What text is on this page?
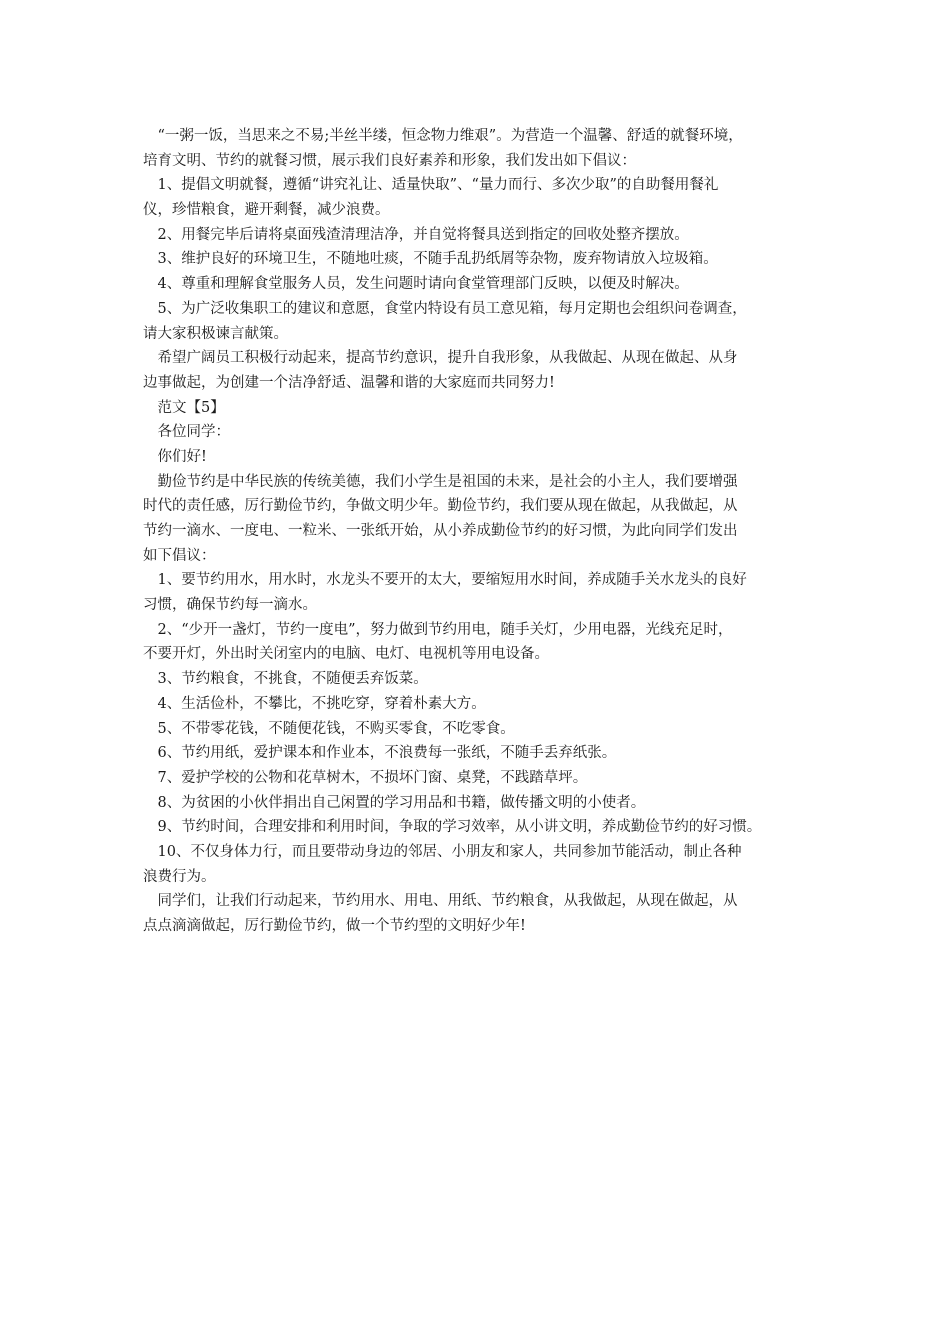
　“一粥一饭，当思来之不易;半丝半缕，恒念物力维艰”。为营造一个温馨、舒适的就餐环境，
培育文明、节约的就餐习惯，展示我们良好素养和形象，我们发出如下倡议：

　1、提倡文明就餐，遵循“讲究礼让、适量快取”、“量力而行、多次少取”的自助餐用餐礼
仪，珍惜粮食，避开剩餐，减少浪费。

　2、用餐完毕后请将桌面残渣清理洁净，并自觉将餐具送到指定的回收处整齐摆放。

　3、维护良好的环境卫生，不随地吐痰，不随手乱扔纸屑等杂物，废弃物请放入垃圾箱。

　4、尊重和理解食堂服务人员，发生问题时请向食堂管理部门反映，以便及时解决。

　5、为广泛收集职工的建议和意愿，食堂内特设有员工意见箱，每月定期也会组织问卷调查，
请大家积极谏言献策。

　希望广阔员工积极行动起来，提高节约意识，提升自我形象，从我做起、从现在做起、从身
边事做起，为创建一个洁净舒适、温馨和谐的大家庭而共同努力!

　范文【5】

　各位同学：

　你们好!

　勤俭节约是中华民族的传统美德，我们小学生是祖国的未来，是社会的小主人，我们要增强
时代的责任感，厉行勤俭节约，争做文明少年。勤俭节约，我们要从现在做起，从我做起，从
节约一滴水、一度电、一粒米、一张纸开始，从小养成勤俭节约的好习惯，为此向同学们发出
如下倡议：

　1、要节约用水，用水时，水龙头不要开的太大，要缩短用水时间，养成随手关水龙头的良好
习惯，确保节约每一滴水。

　2、“少开一盏灯，节约一度电”，努力做到节约用电，随手关灯，少用电器，光线充足时，
不要开灯，外出时关闭室内的电脑、电灯、电视机等用电设备。

　3、节约粮食，不挑食，不随便丢弃饭菜。

　4、生活俭朴，不攀比，不挑吃穿，穿着朴素大方。

　5、不带零花钱，不随便花钱，不购买零食，不吃零食。

　6、节约用纸，爱护课本和作业本，不浪费每一张纸，不随手丢弃纸张。

　7、爱护学校的公物和花草树木，不损坏门窗、桌凳，不践踏草坪。

　8、为贫困的小伙伴捐出自己闲置的学习用品和书籍，做传播文明的小使者。

　9、节约时间，合理安排和利用时间，争取的学习效率，从小讲文明，养成勤俭节约的好习惯。

　10、不仅身体力行，而且要带动身边的邻居、小朋友和家人，共同参加节能活动，制止各种
浪费行为。

　同学们，让我们行动起来，节约用水、用电、用纸、节约粮食，从我做起，从现在做起，从
点点滴滴做起，厉行勤俭节约，做一个节约型的文明好少年!
